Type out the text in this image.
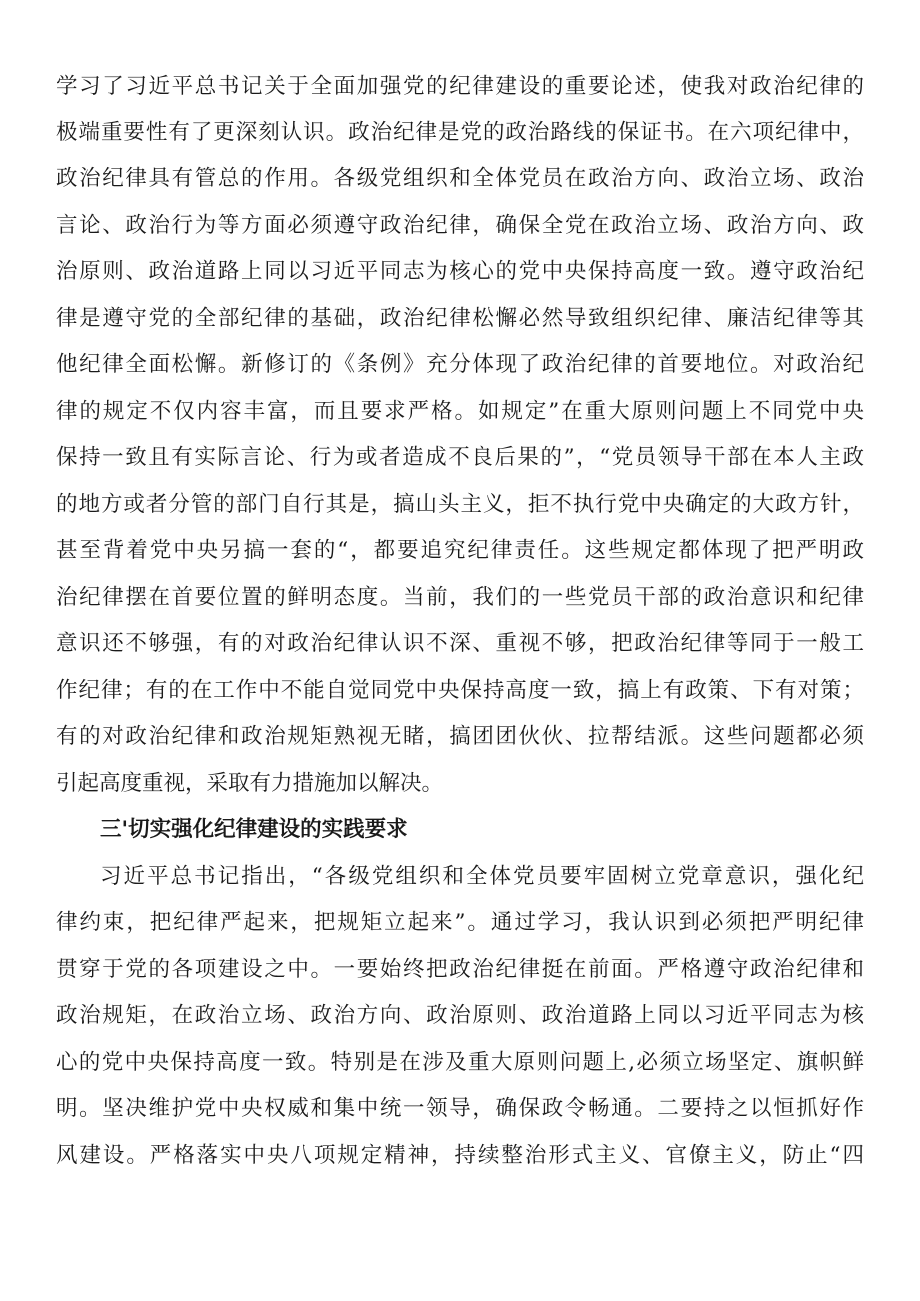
学习了习近平总书记关于全面加强党的纪律建设的重要论述，使我对政治纪律的
极端重要性有了更深刻认识。政治纪律是党的政治路线的保证书。在六项纪律中，
政治纪律具有管总的作用。各级党组织和全体党员在政治方向、政治立场、政治
言论、政治行为等方面必须遵守政治纪律，确保全党在政治立场、政治方向、政
治原则、政治道路上同以习近平同志为核心的党中央保持高度一致。遵守政治纪
律是遵守党的全部纪律的基础，政治纪律松懈必然导致组织纪律、廉洁纪律等其
他纪律全面松懈。新修订的《条例》充分体现了政治纪律的首要地位。对政治纪
律的规定不仅内容丰富，而且要求严格。如规定”在重大原则问题上不同党中央
保持一致且有实际言论、行为或者造成不良后果的”，“党员领导干部在本人主政
的地方或者分管的部门自行其是，搞山头主义，拒不执行党中央确定的大政方针，
甚至背着党中央另搞一套的“，都要追究纪律责任。这些规定都体现了把严明政
治纪律摆在首要位置的鲜明态度。当前，我们的一些党员干部的政治意识和纪律
意识还不够强，有的对政治纪律认识不深、重视不够，把政治纪律等同于一般工
作纪律；有的在工作中不能自觉同党中央保持高度一致，搞上有政策、下有对策；
有的对政治纪律和政治规矩熟视无睹，搞团团伙伙、拉帮结派。这些问题都必须
引起高度重视，采取有力措施加以解决。
三'切实强化纪律建设的实践要求
习近平总书记指出，“各级党组织和全体党员要牢固树立党章意识，强化纪
律约束，把纪律严起来，把规矩立起来”。通过学习，我认识到必须把严明纪律
贯穿于党的各项建设之中。一要始终把政治纪律挺在前面。严格遵守政治纪律和
政治规矩，在政治立场、政治方向、政治原则、政治道路上同以习近平同志为核
心的党中央保持高度一致。特别是在涉及重大原则问题上,必须立场坚定、旗帜鲜
明。坚决维护党中央权威和集中统一领导，确保政令畅通。二要持之以恒抓好作
风建设。严格落实中央八项规定精神，持续整治形式主义、官僚主义，防止“四
